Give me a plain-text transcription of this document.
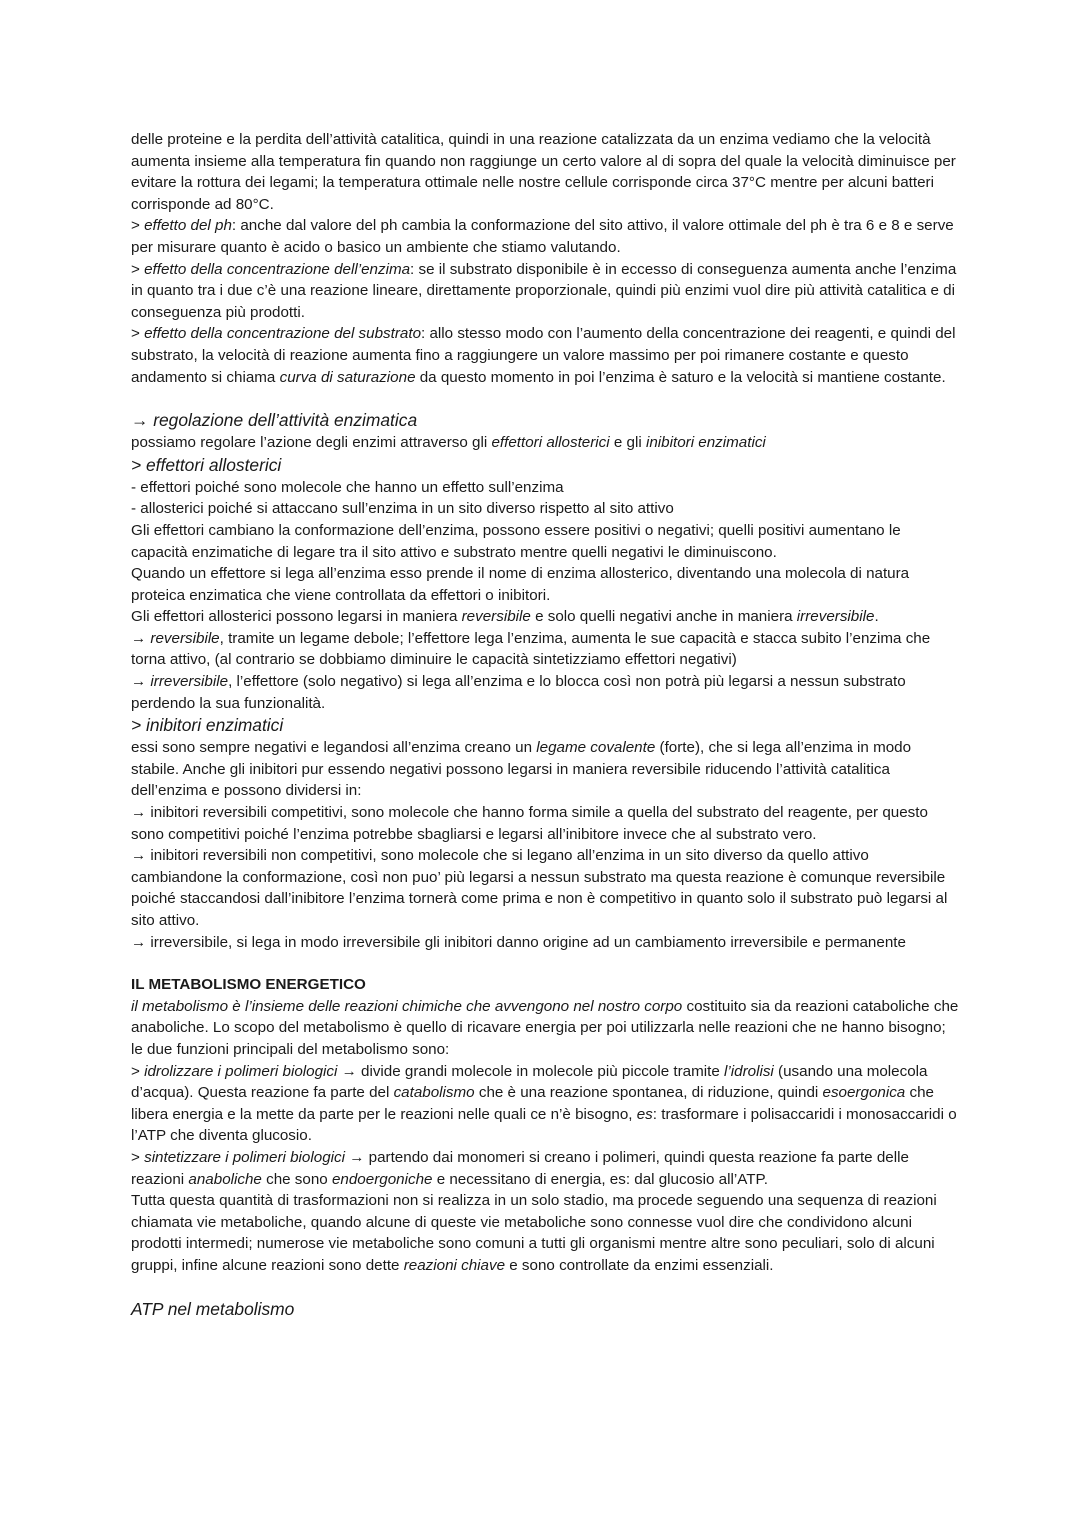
delle proteine e la perdita dell’attività catalitica, quindi in una reazione catalizzata da un enzima vediamo che la velocità aumenta insieme alla temperatura fin quando non raggiunge un certo valore al di sopra del quale la velocità diminuisce per evitare la rottura dei legami; la temperatura ottimale nelle nostre cellule corrisponde circa 37°C mentre per alcuni batteri corrisponde ad 80°C.

> effetto del ph: anche dal valore del ph cambia la conformazione del sito attivo, il valore ottimale del ph è tra 6 e 8 e serve per misurare quanto è acido o basico un ambiente che stiamo valutando.

> effetto della concentrazione dell’enzima: se il substrato disponibile è in eccesso di conseguenza aumenta anche l’enzima in quanto tra i due c’è una reazione lineare, direttamente proporzionale, quindi più enzimi vuol dire più attività catalitica e di conseguenza più prodotti.

> effetto della concentrazione del substrato: allo stesso modo con l’aumento della concentrazione dei reagenti, e quindi del substrato, la velocità di reazione aumenta fino a raggiungere un valore massimo per poi rimanere costante e questo andamento si chiama curva di saturazione da questo momento in poi l’enzima è saturo e la velocità si mantiene costante.

→ regolazione dell’attività enzimatica

possiamo regolare l’azione degli enzimi attraverso gli effettori allosterici e gli inibitori enzimatici

> effettori allosterici

- effettori poiché sono molecole che hanno un effetto sull’enzima

- allosterici poiché si attaccano sull’enzima in un sito diverso rispetto al sito attivo

Gli effettori cambiano la conformazione dell’enzima, possono essere positivi o negativi; quelli positivi aumentano le capacità enzimatiche di legare tra il sito attivo e substrato mentre quelli negativi le diminuiscono.

Quando un effettore si lega all’enzima esso prende il nome di enzima allosterico, diventando una molecola di natura proteica enzimatica che viene controllata da effettori o inibitori.

Gli effettori allosterici possono legarsi in maniera reversibile e solo quelli negativi anche in maniera irreversibile.

→ reversibile, tramite un legame debole; l’effettore lega l’enzima, aumenta le sue capacità e stacca subito l’enzima che torna attivo, (al contrario se dobbiamo diminuire le capacità sintetizziamo effettori negativi)

→ irreversibile, l’effettore (solo negativo) si lega all’enzima e lo blocca così non potrà più legarsi a nessun substrato perdendo la sua funzionalità.

> inibitori enzimatici

essi sono sempre negativi e legandosi all’enzima creano un legame covalente (forte), che si lega all’enzima in modo stabile. Anche gli inibitori pur essendo negativi possono legarsi in maniera reversibile riducendo l’attività catalitica dell’enzima e possono dividersi in:

→ inibitori reversibili competitivi, sono molecole che hanno forma simile a quella del substrato del reagente, per questo sono competitivi poiché l’enzima potrebbe sbagliarsi e legarsi all’inibitore invece che al substrato vero.

→ inibitori reversibili non competitivi, sono molecole che si legano all’enzima in un sito diverso da quello attivo cambiandone la conformazione, così non puo’ più legarsi a nessun substrato ma questa reazione è comunque reversibile poiché staccandosi dall’inibitore l’enzima tornerà come prima e non è competitivo in quanto solo il substrato può legarsi al sito attivo.

→ irreversibile, si lega in modo irreversibile gli inibitori danno origine ad un cambiamento irreversibile e permanente

IL METABOLISMO ENERGETICO

il metabolismo è l’insieme delle reazioni chimiche che avvengono nel nostro corpo costituito sia da reazioni cataboliche che anaboliche. Lo scopo del metabolismo è quello di ricavare energia per poi utilizzarla nelle reazioni che ne hanno bisogno; le due funzioni principali del metabolismo sono:

> idrolizzare i polimeri biologici → divide grandi molecole in molecole più piccole tramite l’idrolisi (usando una molecola d’acqua). Questa reazione fa parte del catabolismo che è una reazione spontanea, di riduzione, quindi esoergonica che libera energia e la mette da parte per le reazioni nelle quali ce n’è bisogno, es: trasformare i polisaccaridi i monosaccaridi o l’ATP che diventa glucosio.

> sintetizzare i polimeri biologici → partendo dai monomeri si creano i polimeri, quindi questa reazione fa parte delle reazioni anaboliche che sono endoergoniche e necessitano di energia, es: dal glucosio all’ATP.

Tutta questa quantità di trasformazioni non si realizza in un solo stadio, ma procede seguendo una sequenza di reazioni chiamata vie metaboliche, quando alcune di queste vie metaboliche sono connesse vuol dire che condividono alcuni prodotti intermedi; numerose vie metaboliche sono comuni a tutti gli organismi mentre altre sono peculiari, solo di alcuni gruppi, infine alcune reazioni sono dette reazioni chiave e sono controllate da enzimi essenziali.

ATP nel metabolismo
